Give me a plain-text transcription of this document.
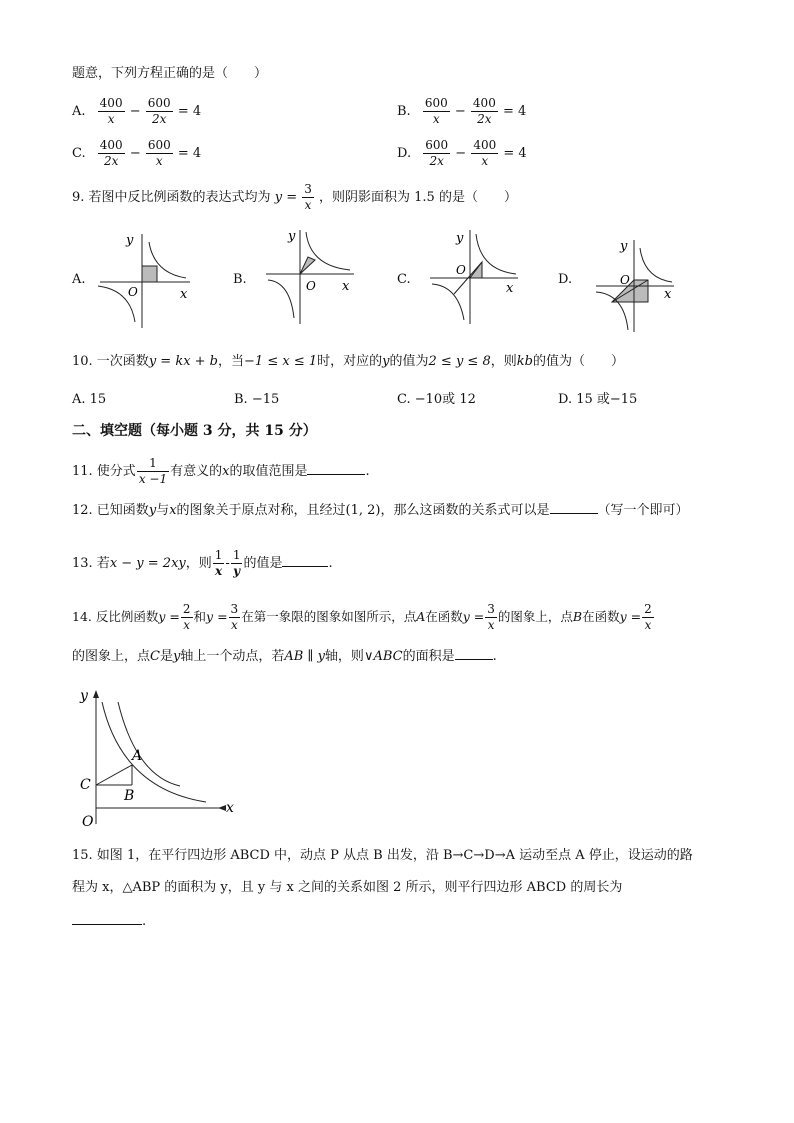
题意，下列方程正确的是（　　）
A. $\frac{400}{x} - \frac{600}{2x} = 4$	B. $\frac{600}{x} - \frac{400}{2x} = 4$
C. $\frac{400}{2x} - \frac{600}{x} = 4$	D. $\frac{600}{2x} - \frac{400}{x} = 4$
9. 若图中反比例函数的表达式均为 $y = \frac{3}{x}$ ，则阴影面积为 1.5 的是（　　）
A.
x
y
O
B.	x
y
O	C.
x
y
O
D.
x
y
O
10. 一次函数y = kx + b，当−1 ≤ x ≤ 1时，对应的y的值为2 ≤ y ≤ 8，则kb的值为（　　）
A. 15	B. −15	C. −10或 12	D. 15 或−15
二、填空题（每小题 3 分，共 15 分）
11. 使分式 $\frac{1}{x -1}$ 有意义的x的取值范围是	.
12. 已知函数y与x的图象关于原点对称，且经过(1, 2)，那么这函数的关系式可以是	（写一个即可）
13. 若x − y = 2xy，则 $\frac{1}{x} - \frac{1}{y}$ 的值是	.
14. 反比例函数$y = \frac{2}{x}$ 和$y = \frac{3}{x}$ 在第一象限的图象如图所示，点A在函数$y = \frac{3}{x}$ 的图象上，点B在函数$y = \frac{2}{x}$
的图象上，点C是y轴上一个动点，若AB ∥ y轴，则∨ABC的面积是	.
x
y
O
A
B
C
15. 如图 1，在平行四边形 ABCD 中，动点 P 从点 B 出发，沿 B→C→D→A 运动至点 A 停止，设运动的路
程为 x，△ABP 的面积为 y，且 y 与 x 之间的关系如图 2 所示，则平行四边形 ABCD 的周长为
.
